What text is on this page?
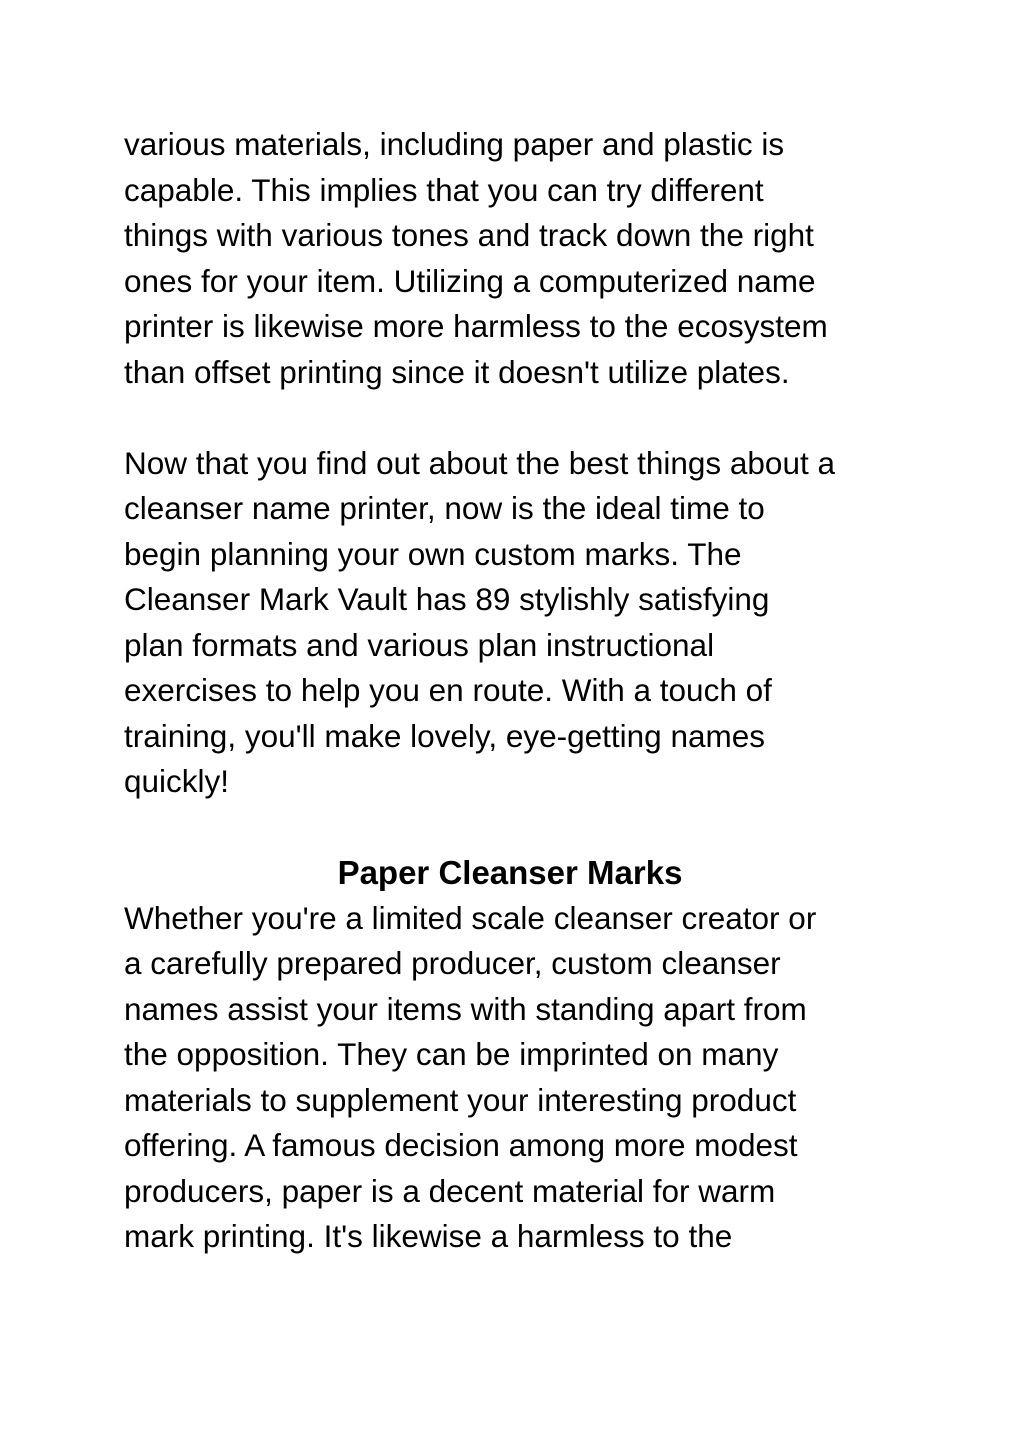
various materials, including paper and plastic is
capable. This implies that you can try different
things with various tones and track down the right
ones for your item. Utilizing a computerized name
printer is likewise more harmless to the ecosystem
than offset printing since it doesn't utilize plates.
Now that you find out about the best things about a
cleanser name printer, now is the ideal time to
begin planning your own custom marks. The
Cleanser Mark Vault has 89 stylishly satisfying
plan formats and various plan instructional
exercises to help you en route. With a touch of
training, you'll make lovely, eye-getting names
quickly!
Paper Cleanser Marks
Whether you're a limited scale cleanser creator or
a carefully prepared producer, custom cleanser
names assist your items with standing apart from
the opposition. They can be imprinted on many
materials to supplement your interesting product
offering. A famous decision among more modest
producers, paper is a decent material for warm
mark printing. It's likewise a harmless to the
